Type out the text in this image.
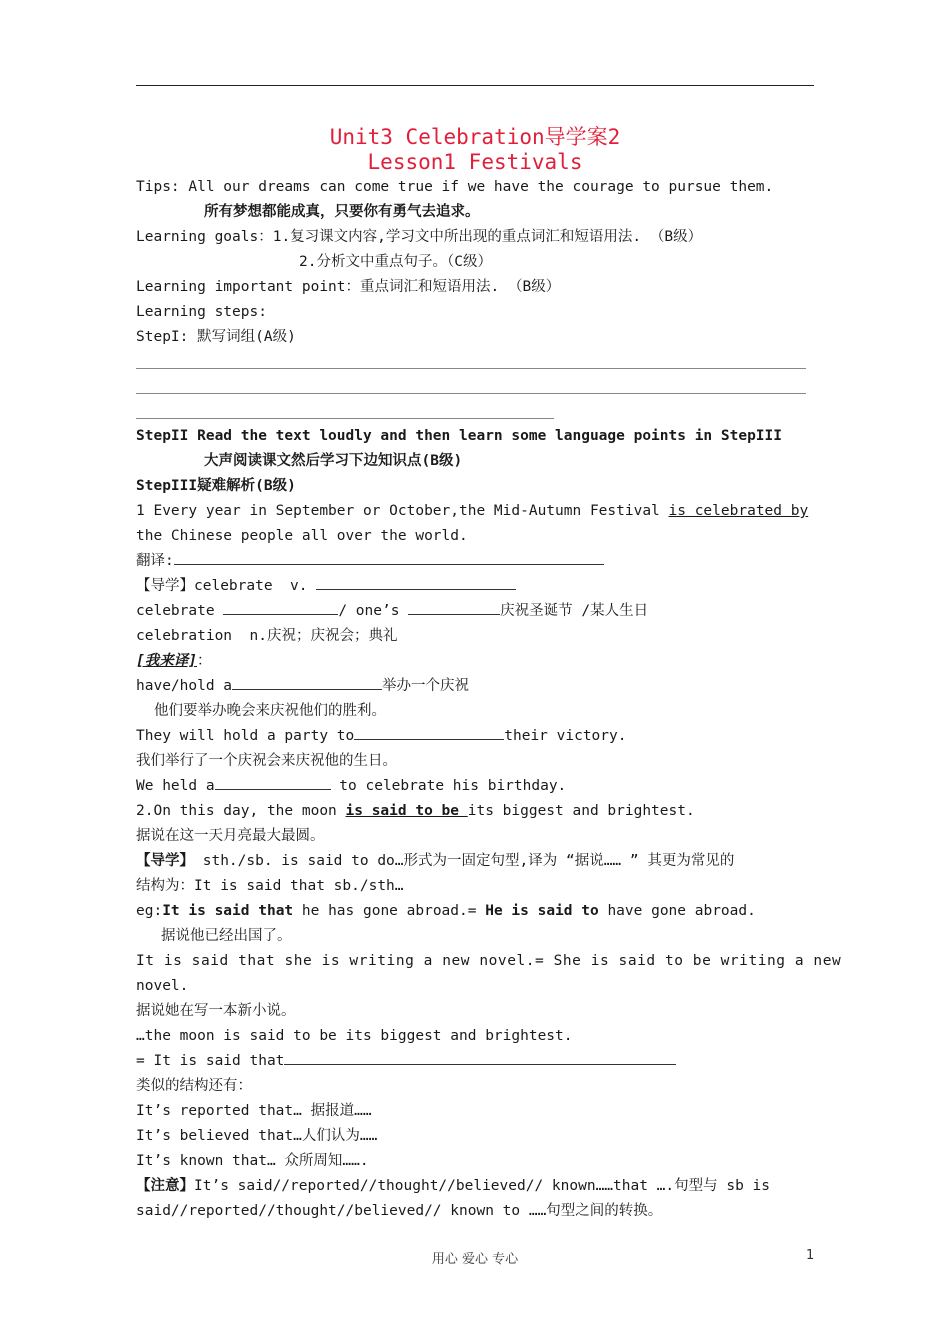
Unit3 Celebration导学案2
Lesson1 Festivals
Tips: All our dreams can come true if we have the courage to pursue them.
所有梦想都能成真，只要你有勇气去追求。
Learning goals：1.复习课文内容,学习文中所出现的重点词汇和短语用法. （B级）
2.分析文中重点句子。（C级）
Learning important point：重点词汇和短语用法. （B级）
Learning steps:
StepI: 默写词组(A级)
StepII Read the text loudly and then learn some language points in StepIII
大声阅读课文然后学习下边知识点(B级)
StepIII疑难解析(B级)
1 Every year in September or October,the Mid-Autumn Festival is celebrated by
the Chinese people all over the world.
翻译:
【导学】celebrate  v.
celebrate	/ one’s	庆祝圣诞节 /某人生日
celebration  n.庆祝；庆祝会；典礼
[我来译]：
have/hold a	举办一个庆祝
他们要举办晚会来庆祝他们的胜利。
They will hold a party to	their victory.
我们举行了一个庆祝会来庆祝他的生日。
We held a	to celebrate his birthday.
2.On this day, the moon is said to be its biggest and brightest.
据说在这一天月亮最大最圆。
【导学】 sth./sb. is said to do…形式为一固定句型,译为 “据说…… ” 其更为常见的
结构为：It is said that sb./sth…
eg:It is said that he has gone abroad.= He is said to have gone abroad.
据说他已经出国了。
It is said that she is writing a new novel.= She is said to be writing a new
novel.
据说她在写一本新小说。
…the moon is said to be its biggest and brightest.
= It is said that
类似的结构还有：
It’s reported that… 据报道……
It’s believed that…人们认为……
It’s known that… 众所周知…….
【注意】It’s said//reported//thought//believed// known……that ….句型与 sb is
said//reported//thought//believed// known to ……句型之间的转换。
用心 爱心 专心	1
